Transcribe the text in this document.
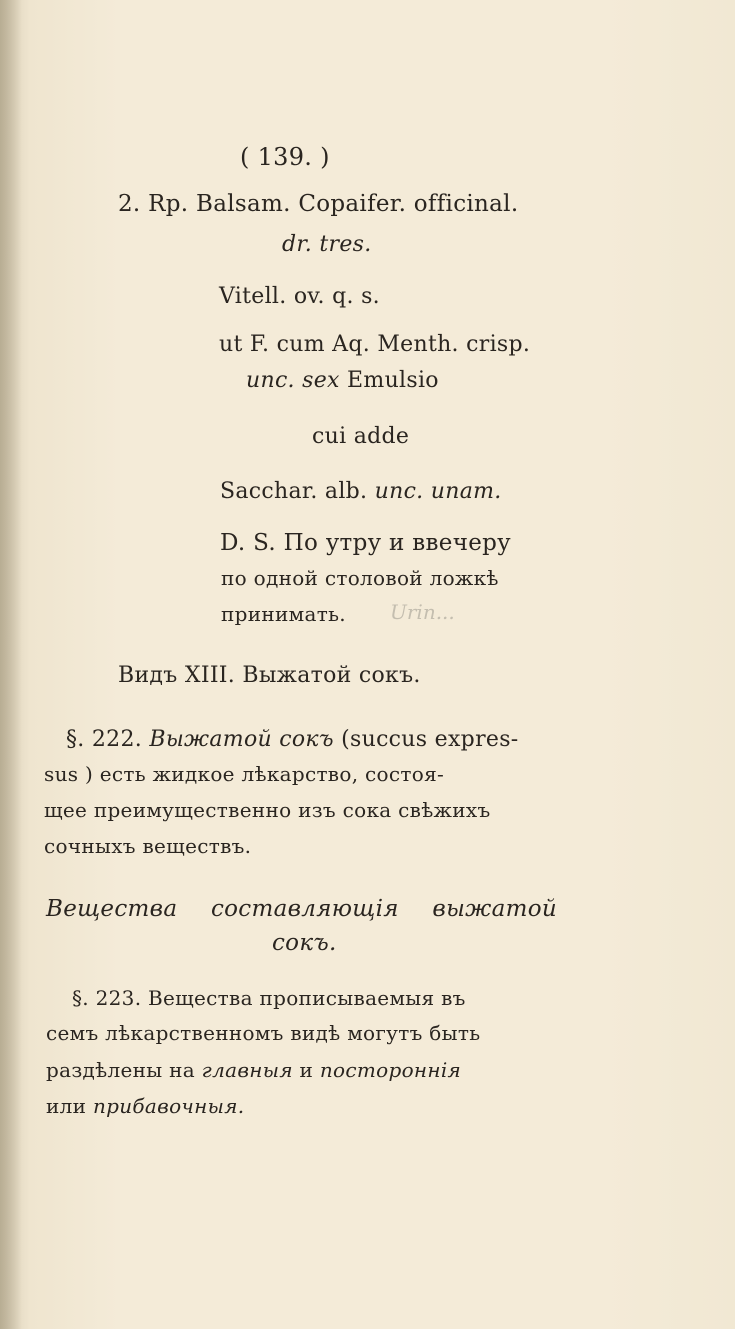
( 139. )
2. Rp. Balsam. Copaifer. officinal.
dr. tres.
Vitell. ov. q. s.
ut F. cum Aq. Menth. crisp.
unc. sex Emulsio
cui adde
Sacchar. alb. unc. unam.
D. S. По утру и ввечеру
по одной столовой ложкѣ
принимать. Urin...
Видъ XIII. Выжатой сокъ.
§. 222. Выжатой сокъ (succus expres-
sus ) есть жидкое лѣкарство, состоя-
щее преимущественно изъ сока свѣжихъ
сочныхъ веществъ.
Вещества составляющія выжатой
сокъ.
§. 223. Вещества прописываемыя въ
семъ лѣкарственномъ видѣ могутъ быть
раздѣлены на главныя и постороннія
или прибавочныя.
